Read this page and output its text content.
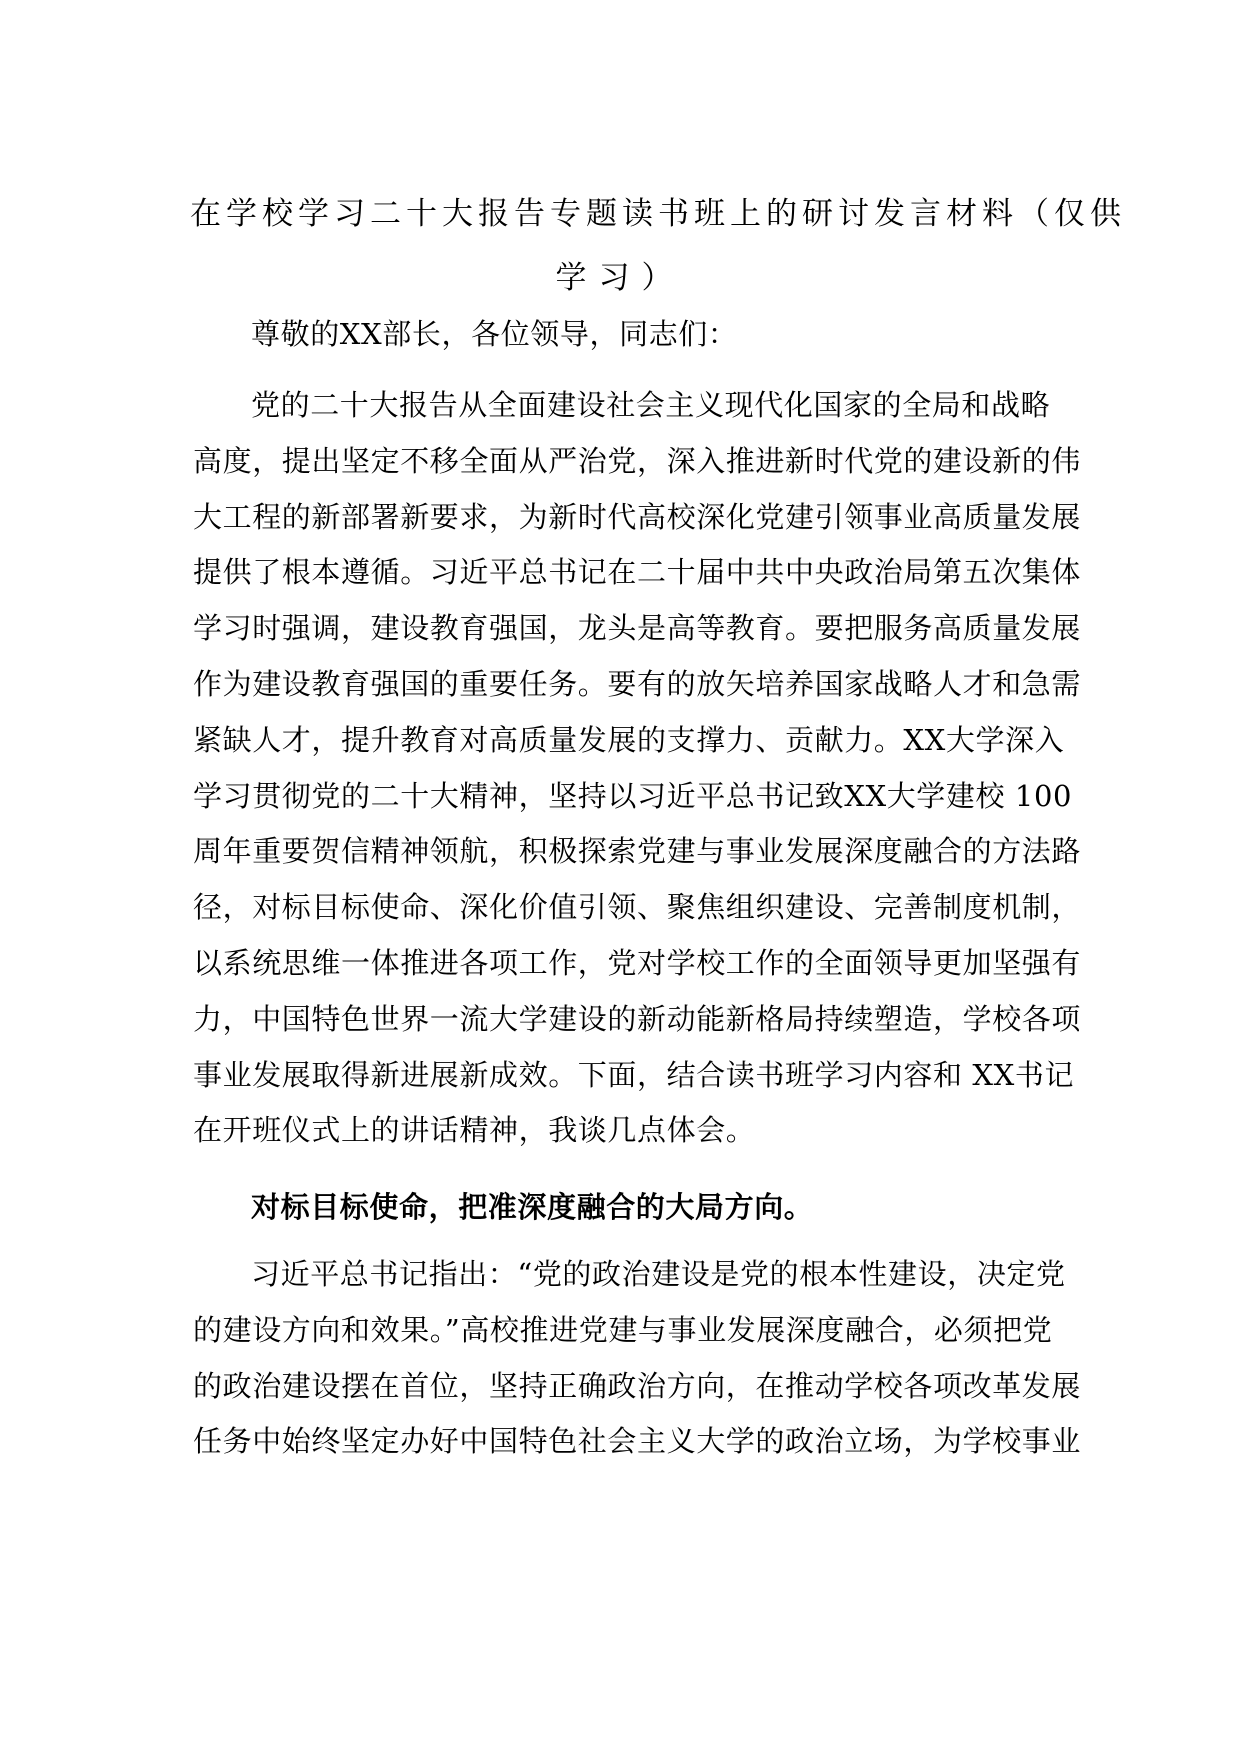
在学校学习二十大报告专题读书班上的研讨发言材料（仅供
学习）

尊敬的XX部长，各位领导，同志们：

党的二十大报告从全面建设社会主义现代化国家的全局和战略
高度，提出坚定不移全面从严治党，深入推进新时代党的建设新的伟
大工程的新部署新要求，为新时代高校深化党建引领事业高质量发展
提供了根本遵循。习近平总书记在二十届中共中央政治局第五次集体
学习时强调，建设教育强国，龙头是高等教育。要把服务高质量发展
作为建设教育强国的重要任务。要有的放矢培养国家战略人才和急需
紧缺人才，提升教育对高质量发展的支撑力、贡献力。XX大学深入
学习贯彻党的二十大精神，坚持以习近平总书记致XX大学建校 100
周年重要贺信精神领航，积极探索党建与事业发展深度融合的方法路
径，对标目标使命、深化价值引领、聚焦组织建设、完善制度机制，
以系统思维一体推进各项工作，党对学校工作的全面领导更加坚强有
力，中国特色世界一流大学建设的新动能新格局持续塑造，学校各项
事业发展取得新进展新成效。下面，结合读书班学习内容和 XX书记
在开班仪式上的讲话精神，我谈几点体会。

对标目标使命，把准深度融合的大局方向。

习近平总书记指出：“党的政治建设是党的根本性建设，决定党
的建设方向和效果。”高校推进党建与事业发展深度融合，必须把党
的政治建设摆在首位，坚持正确政治方向，在推动学校各项改革发展
任务中始终坚定办好中国特色社会主义大学的政治立场，为学校事业
